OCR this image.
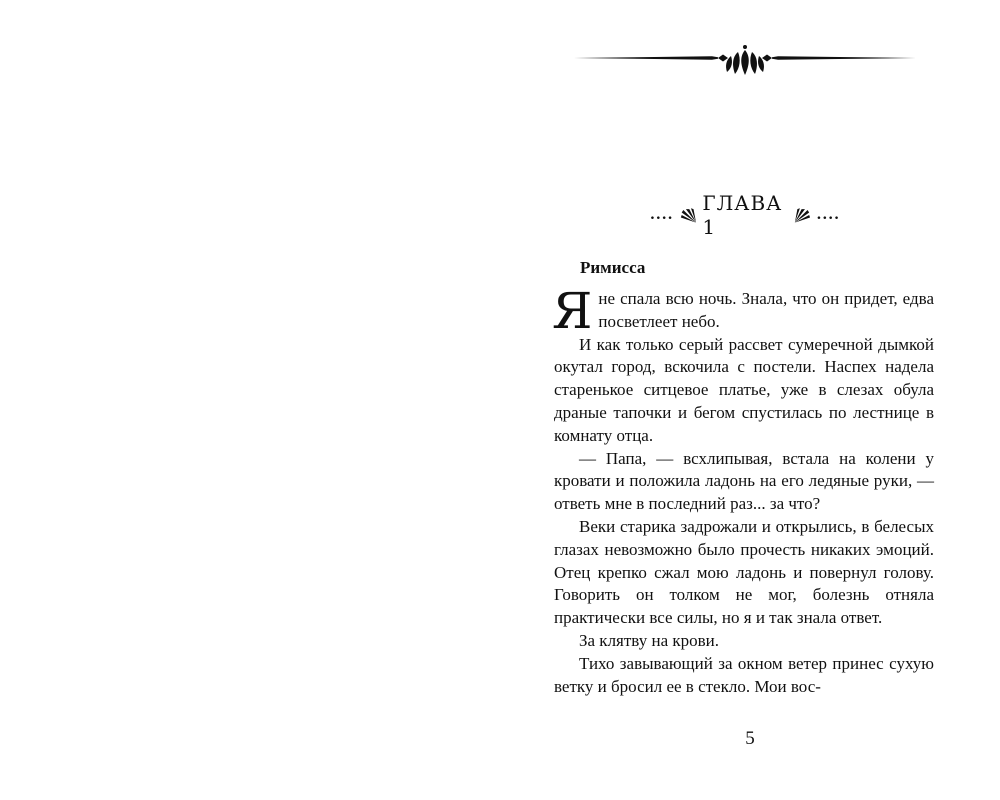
.... ГЛАВА 1	....
Римисса

Яне спала всю ночь. Знала, что он придет, едва посветлеет небо.

И как только серый рассвет сумеречной дымкой окутал город, вскочила с постели. Наспех надела старенькое ситцевое платье, уже в слезах обула драные тапочки и бегом спустилась по лестнице в комнату отца.

— Папа, — всхлипывая, встала на колени у кровати и положила ладонь на его ледяные руки, — ответь мне в последний раз... за что?

Веки старика задрожали и открылись, в белесых глазах невозможно было прочесть никаких эмоций. Отец крепко сжал мою ладонь и повернул голову. Говорить он толком не мог, болезнь отняла практически все силы, но я и так знала ответ.

За клятву на крови.

Тихо завывающий за окном ветер принес сухую ветку и бросил ее в стекло. Мои вос-

5
